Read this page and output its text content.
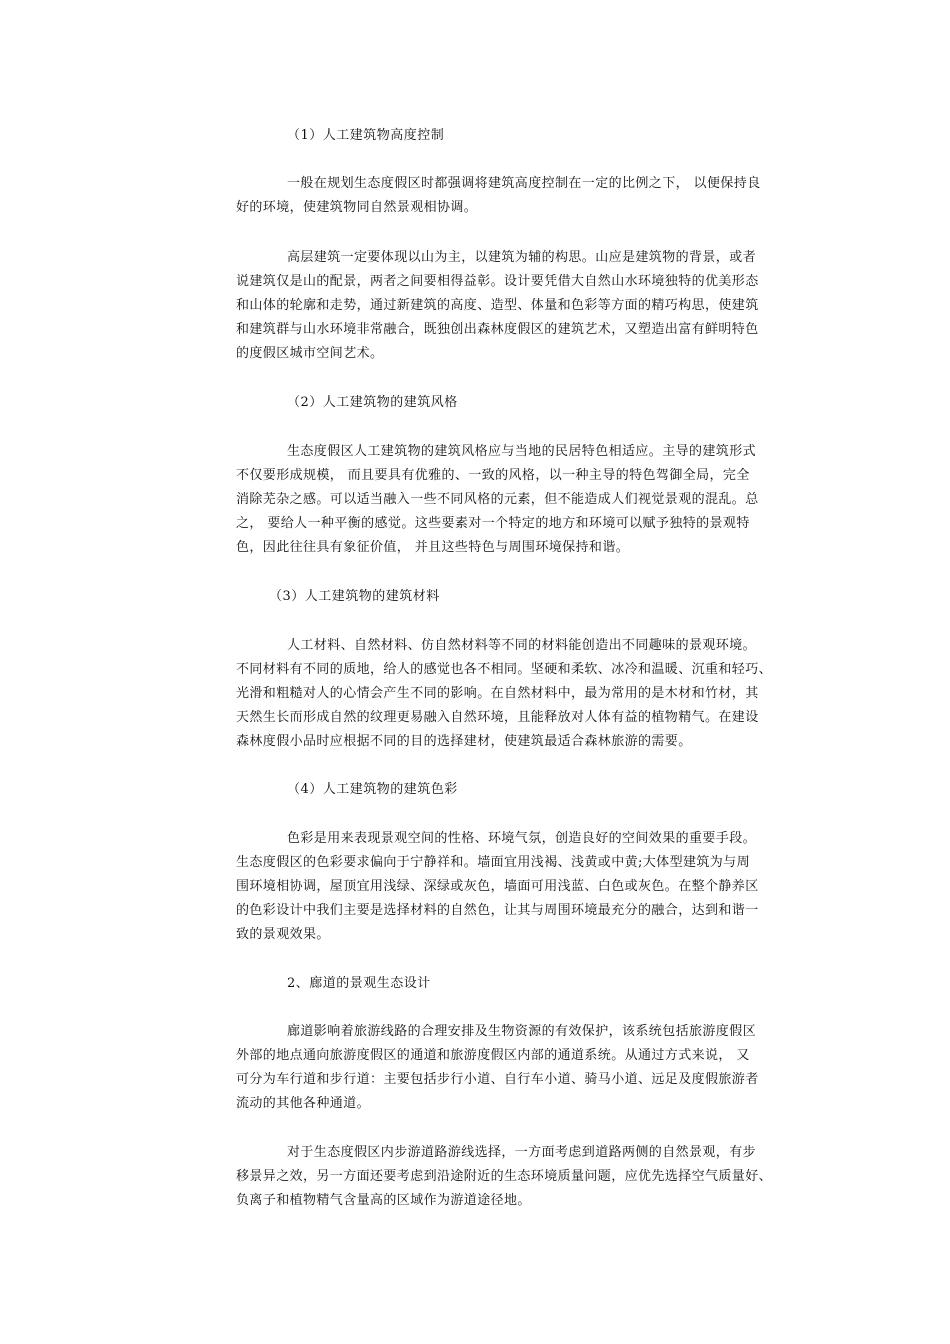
（1）人工建筑物高度控制
一般在规划生态度假区时都强调将建筑高度控制在一定的比例之下， 以便保持良
好的环境，使建筑物同自然景观相协调。
高层建筑一定要体现以山为主，以建筑为辅的构思。山应是建筑物的背景，或者
说建筑仅是山的配景，两者之间要相得益彰。设计要凭借大自然山水环境独特的优美形态
和山体的轮廓和走势，通过新建筑的高度、造型、体量和色彩等方面的精巧构思，使建筑
和建筑群与山水环境非常融合，既独创出森林度假区的建筑艺术，又塑造出富有鲜明特色
的度假区城市空间艺术。
（2）人工建筑物的建筑风格
生态度假区人工建筑物的建筑风格应与当地的民居特色相适应。主导的建筑形式
不仅要形成规模， 而且要具有优雅的、一致的风格，以一种主导的特色驾御全局，完全
消除芜杂之感。可以适当融入一些不同风格的元素，但不能造成人们视觉景观的混乱。总
之， 要给人一种平衡的感觉。这些要素对一个特定的地方和环境可以赋予独特的景观特
色，因此往往具有象征价值， 并且这些特色与周围环境保持和谐。
（3）人工建筑物的建筑材料
人工材料、自然材料、仿自然材料等不同的材料能创造出不同趣味的景观环境。
不同材料有不同的质地，给人的感觉也各不相同。坚硬和柔软、冰冷和温暖、沉重和轻巧、
光滑和粗糙对人的心情会产生不同的影响。在自然材料中，最为常用的是木材和竹材，其
天然生长而形成自然的纹理更易融入自然环境，且能释放对人体有益的植物精气。在建设
森林度假小品时应根据不同的目的选择建材，使建筑最适合森林旅游的需要。
（4）人工建筑物的建筑色彩
色彩是用来表现景观空间的性格、环境气氛，创造良好的空间效果的重要手段。
生态度假区的色彩要求偏向于宁静祥和。墙面宜用浅褐、浅黄或中黄;大体型建筑为与周
围环境相协调，屋顶宜用浅绿、深绿或灰色，墙面可用浅蓝、白色或灰色。在整个静养区
的色彩设计中我们主要是选择材料的自然色，让其与周围环境最充分的融合，达到和谐一
致的景观效果。
2、廊道的景观生态设计
廊道影响着旅游线路的合理安排及生物资源的有效保护，该系统包括旅游度假区
外部的地点通向旅游度假区的通道和旅游度假区内部的通道系统。从通过方式来说， 又
可分为车行道和步行道：主要包括步行小道、自行车小道、骑马小道、远足及度假旅游者
流动的其他各种通道。
对于生态度假区内步游道路游线选择，一方面考虑到道路两侧的自然景观，有步
移景异之效，另一方面还要考虑到沿途附近的生态环境质量问题，应优先选择空气质量好、
负离子和植物精气含量高的区域作为游道途径地。
